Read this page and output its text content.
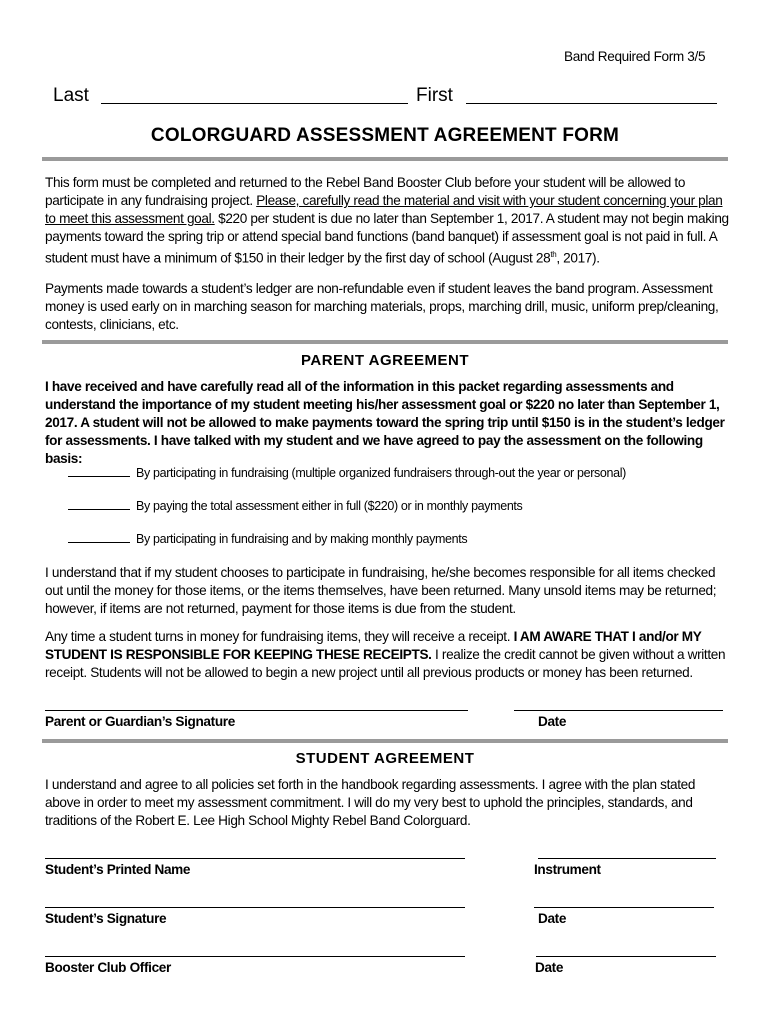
Band Required Form 3/5
Last	First
COLORGUARD ASSESSMENT AGREEMENT FORM

This form must be completed and returned to the Rebel Band Booster Club before your student will be allowed to participate in any fundraising project. Please, carefully read the material and visit with your student concerning your plan to meet this assessment goal. $220 per student is due no later than September 1, 2017. A student may not begin making payments toward the spring trip or attend special band functions (band banquet) if assessment goal is not paid in full. A student must have a minimum of $150 in their ledger by the first day of school (August 28th, 2017).

Payments made towards a student’s ledger are non-refundable even if student leaves the band program. Assessment money is used early on in marching season for marching materials, props, marching drill, music, uniform prep/cleaning, contests, clinicians, etc.

PARENT AGREEMENT

I have received and have carefully read all of the information in this packet regarding assessments and understand the importance of my student meeting his/her assessment goal or $220 no later than September 1, 2017. A student will not be allowed to make payments toward the spring trip until $150 is in the student’s ledger for assessments. I have talked with my student and we have agreed to pay the assessment on the following basis:

By participating in fundraising (multiple organized fundraisers through-out the year or personal)
By paying the total assessment either in full ($220) or in monthly payments
By participating in fundraising and by making monthly payments

I understand that if my student chooses to participate in fundraising, he/she becomes responsible for all items checked out until the money for those items, or the items themselves, have been returned. Many unsold items may be returned; however, if items are not returned, payment for those items is due from the student.

Any time a student turns in money for fundraising items, they will receive a receipt. I AM AWARE THAT I and/or MY STUDENT IS RESPONSIBLE FOR KEEPING THESE RECEIPTS. I realize the credit cannot be given without a written receipt. Students will not be allowed to begin a new project until all previous products or money has been returned.

Parent or Guardian’s Signature	Date
STUDENT AGREEMENT

I understand and agree to all policies set forth in the handbook regarding assessments. I agree with the plan stated above in order to meet my assessment commitment. I will do my very best to uphold the principles, standards, and traditions of the Robert E. Lee High School Mighty Rebel Band Colorguard.

Student’s Printed Name	Instrument
Student’s Signature	Date
Booster Club Officer	Date
